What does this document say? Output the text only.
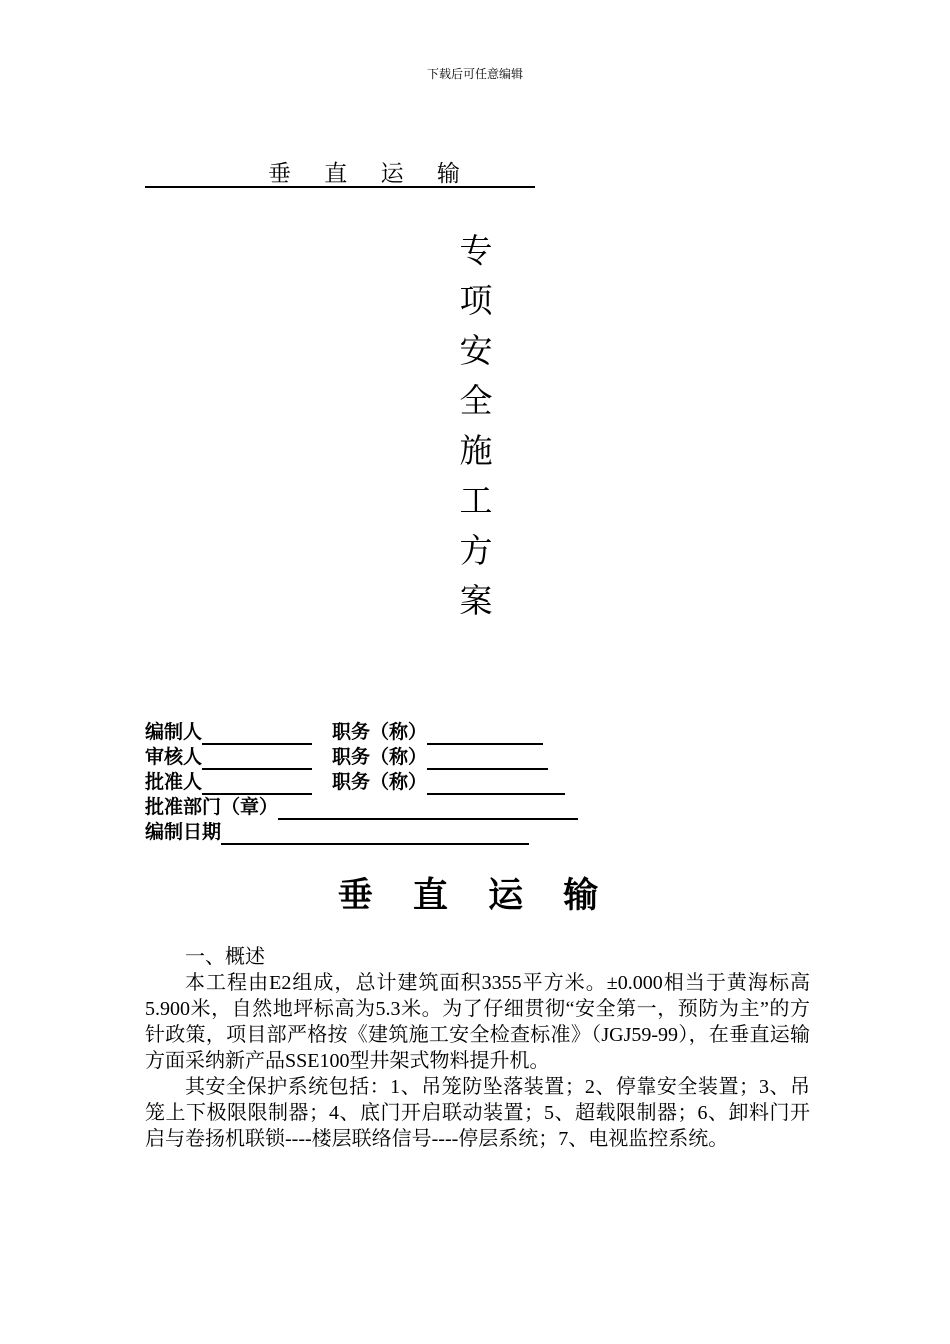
下载后可任意编辑
垂 直 运 输
专
项
安
全
施
工
方
案
编制人	职务（称）
审核人	职务（称）
批准人	职务（称）
批准部门（章）
编制日期
垂 直 运 输

一、概述

本工程由E2组成，总计建筑面积3355平方米。±0.000相当于黄海标高5.900米，自然地坪标高为5.3米。为了仔细贯彻“安全第一，预防为主”的方针政策，项目部严格按《建筑施工安全检查标准》（JGJ59-99），在垂直运输方面采纳新产品SSE100型井架式物料提升机。

其安全保护系统包括：1、吊笼防坠落装置；2、停靠安全装置；3、吊笼上下极限限制器；4、底门开启联动装置；5、超载限制器；6、卸料门开启与卷扬机联锁----楼层联络信号----停层系统；7、电视监控系统。
